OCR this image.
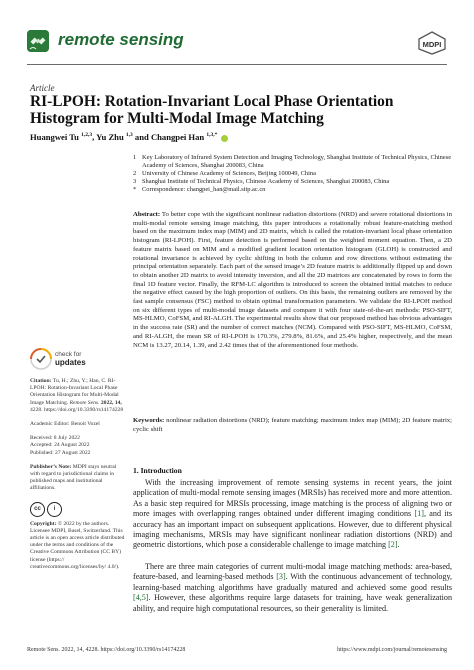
remote sensing	MDPI
Article
RI-LPOH: Rotation-Invariant Local Phase Orientation Histogram for Multi-Modal Image Matching
Huangwei Tu $^{1,2,3}$, Yu Zhu $^{1,3}$ and Changpei Han $^{1,3,*}$
1 Key Laboratory of Infrared System Detection and Imaging Technology, Shanghai Institute of Technical Physics, Chinese Academy of Sciences, Shanghai 200083, China
2 University of Chinese Academy of Sciences, Beijing 100049, China
3 Shanghai Institute of Technical Physics, Chinese Academy of Sciences, Shanghai 200083, China
* Correspondence: changpei_han@mail.sitp.ac.cn

Abstract: To better cope with the significant nonlinear radiation distortions (NRD) and severe rotational distortions in multi-modal remote sensing image matching, this paper introduces a rotationally robust feature-matching method based on the maximum index map (MIM) and 2D matrix, which is called the rotation-invariant local phase orientation histogram (RI-LPOH). First, feature detection is performed based on the weighted moment equation. Then, a 2D feature matrix based on MIM and a modified gradient location orientation histogram (GLOH) is constructed and rotational invariance is achieved by cyclic shifting in both the column and row directions without estimating the principal orientation separately. Each part of the sensed image’s 2D feature matrix is additionally flipped up and down to obtain another 2D matrix to avoid intensity inversion, and all the 2D matrices are concatenated by rows to form the final 1D feature vector. Finally, the RFM-LC algorithm is introduced to screen the obtained initial matches to reduce the negative effect caused by the high proportion of outliers. On this basis, the remaining outliers are removed by the fast sample consensus (FSC) method to obtain optimal transformation parameters. We validate the RI-LPOH method on six different types of multi-modal image datasets and compare it with four state-of-the-art methods: PSO-SIFT, MS-HLMO, CoFSM, and RI-ALGH. The experimental results show that our proposed method has obvious advantages in the success rate (SR) and the number of correct matches (NCM). Compared with PSO-SIFT, MS-HLMO, CoFSM, and RI-ALGH, the mean SR of RI-LPOH is 170.3%, 279.8%, 81.6%, and 25.4% higher, respectively, and the mean NCM is 13.27, 20.14, 1.39, and 2.42 times that of the aforementioned four methods.

Keywords: nonlinear radiation distortions (NRD); feature matching; maximum index map (MIM); 2D feature matrix; cyclic shift
check for
updates

Citation: Tu, H.; Zhu, Y.; Han, C. RI-LPOH: Rotation-Invariant Local Phase Orientation Histogram for Multi-Modal Image Matching. Remote Sens. 2022, 14, 4228. https://doi.org/10.3390/rs14174228

Academic Editor: Benoit Vozel

Received: 8 July 2022

Accepted: 24 August 2022

Published: 27 August 2022

Publisher’s Note: MDPI stays neutral with regard to jurisdictional claims in published maps and institutional affiliations.

cc	i

Copyright: © 2022 by the authors. Licensee MDPI, Basel, Switzerland. This article is an open access article distributed under the terms and conditions of the Creative Commons Attribution (CC BY) license (https:// creativecommons.org/licenses/by/ 4.0/).

1. Introduction

With the increasing improvement of remote sensing systems in recent years, the joint application of multi-modal remote sensing images (MRSIs) has received more and more attention. As a basic step required for MRSIs processing, image matching is the process of aligning two or more images with overlapping ranges obtained under different imaging conditions [1], and its accuracy has an important impact on subsequent applications. However, due to different physical imaging mechanisms, MRSIs may have significant nonlinear radiation distortions (NRD) and geometric distortions, which pose a considerable challenge to image matching [2].

There are three main categories of current multi-modal image matching methods: area-based, feature-based, and learning-based methods [3]. With the continuous advancement of technology, learning-based matching algorithms have gradually matured and achieved some good results [4,5]. However, these algorithms require large datasets for training, have weak generalization ability, and require high computational resources, so their generality is limited.

Remote Sens. 2022, 14, 4228. https://doi.org/10.3390/rs14174228	https://www.mdpi.com/journal/remotesensing
